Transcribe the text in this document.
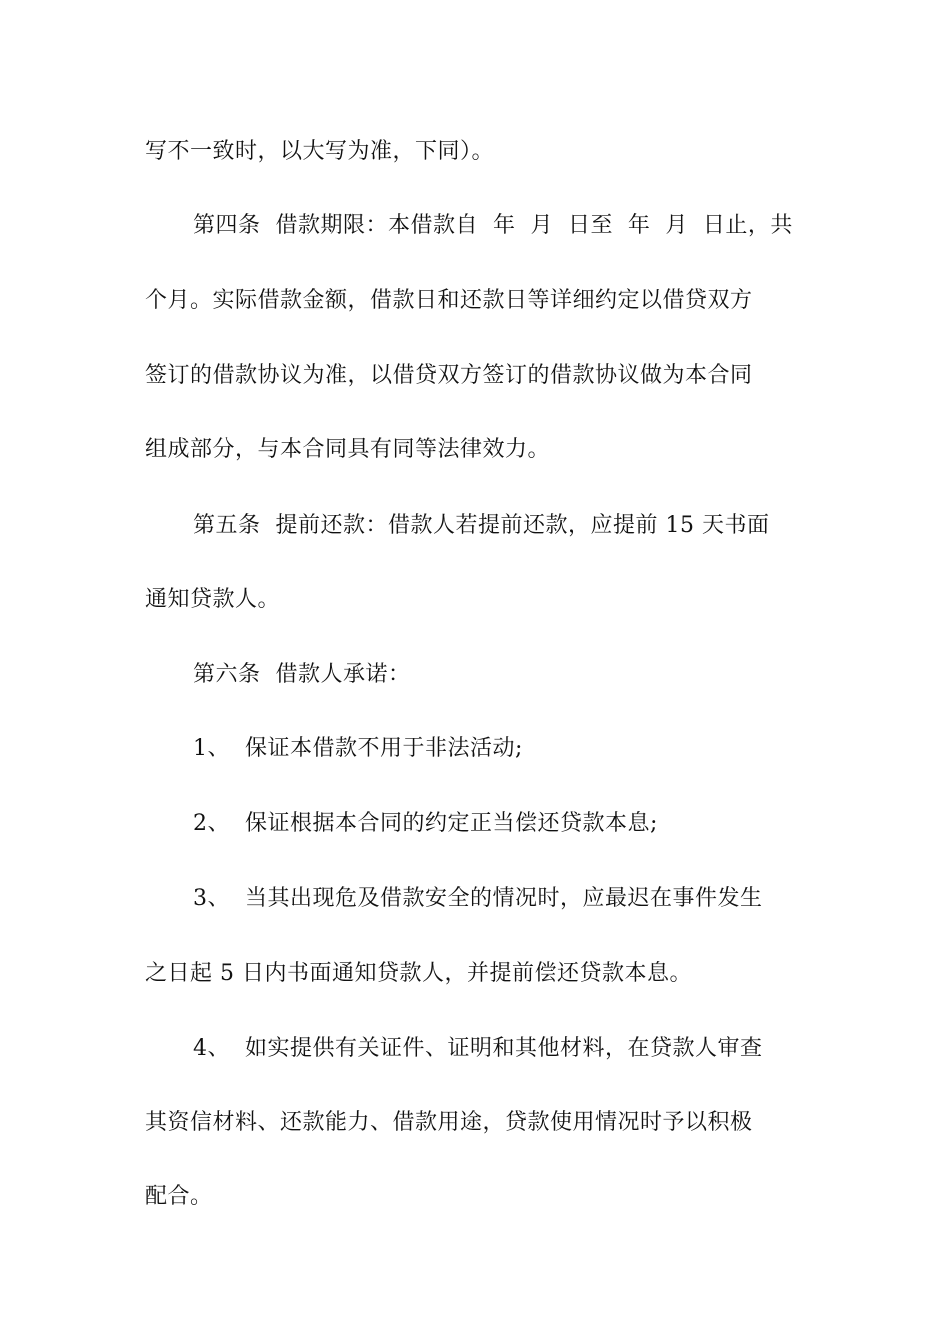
写不一致时，以大写为准，下同）。
第四条  借款期限：本借款自  年  月  日至  年  月  日止，共
个月。实际借款金额，借款日和还款日等详细约定以借贷双方
签订的借款协议为准，以借贷双方签订的借款协议做为本合同
组成部分，与本合同具有同等法律效力。
第五条  提前还款：借款人若提前还款，应提前 15 天书面
通知贷款人。
第六条  借款人承诺：
1、  保证本借款不用于非法活动;
2、  保证根据本合同的约定正当偿还贷款本息;
3、  当其出现危及借款安全的情况时，应最迟在事件发生
之日起 5 日内书面通知贷款人，并提前偿还贷款本息。
4、  如实提供有关证件、证明和其他材料，在贷款人审查
其资信材料、还款能力、借款用途，贷款使用情况时予以积极
配合。
